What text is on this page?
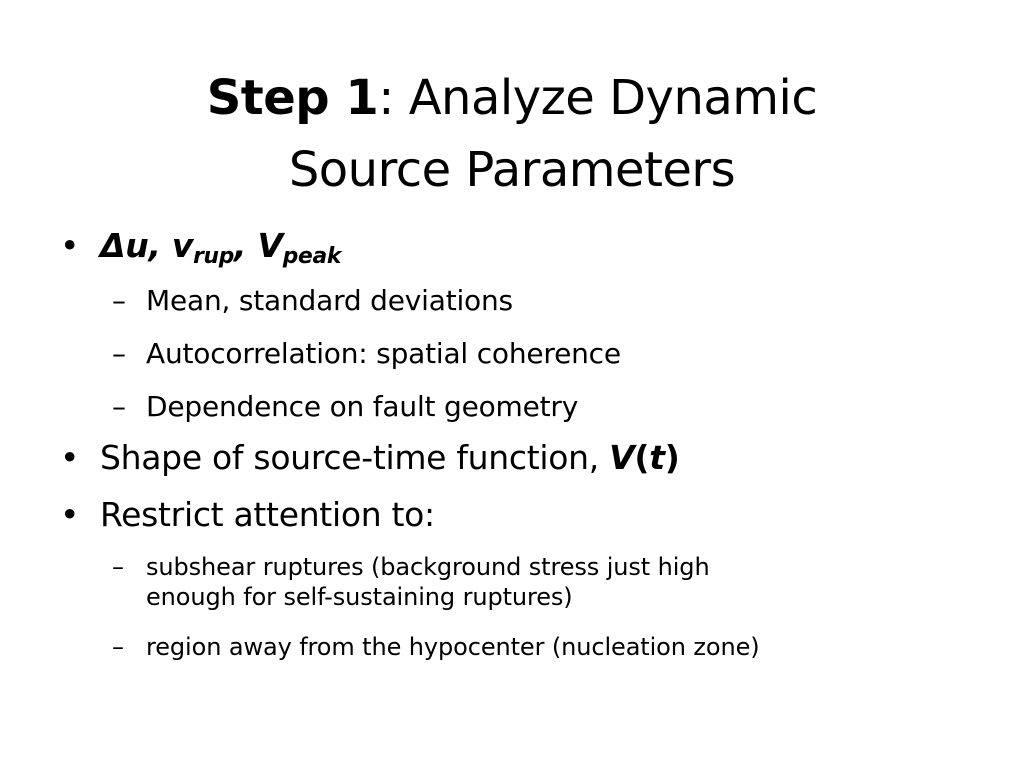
Step 1: Analyze Dynamic
Source Parameters
• Δu, $v_{rup}$, $V_{peak}$
– Mean, standard deviations
– Autocorrelation: spatial coherence
– Dependence on fault geometry
• Shape of source-time function, V(t)
• Restrict attention to:
– subshear ruptures (background stress just high
enough for self-sustaining ruptures)
– region away from the hypocenter (nucleation zone)
